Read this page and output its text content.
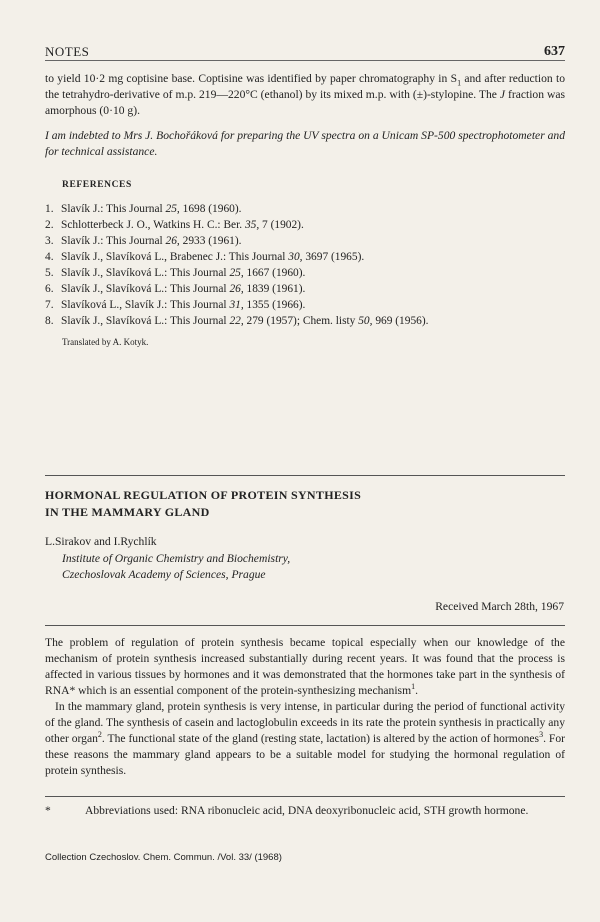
NOTES	637

to yield 10·2 mg coptisine base. Coptisine was identified by paper chromatography in $S_1$ and after reduction to the tetrahydro-derivative of m.p. 219—220°C (ethanol) by its mixed m.p. with (±)-stylopine. The J fraction was amorphous (0·10 g).

I am indebted to Mrs J. Bochořáková for preparing the UV spectra on a Unicam SP-500 spectrophotometer and for technical assistance.

REFERENCES
1. Slavík J.: This Journal 25, 1698 (1960).
2. Schlotterbeck J. O., Watkins H. C.: Ber. 35, 7 (1902).
3. Slavík J.: This Journal 26, 2933 (1961).
4. Slavík J., Slavíková L., Brabenec J.: This Journal 30, 3697 (1965).
5. Slavík J., Slavíková L.: This Journal 25, 1667 (1960).
6. Slavík J., Slavíková L.: This Journal 26, 1839 (1961).
7. Slavíková L., Slavík J.: This Journal 31, 1355 (1966).
8. Slavík J., Slavíková L.: This Journal 22, 279 (1957); Chem. listy 50, 969 (1956).
Translated by A. Kotyk.
HORMONAL REGULATION OF PROTEIN SYNTHESIS
IN THE MAMMARY GLAND
L.Sirakov and I.Rychlík
Institute of Organic Chemistry and Biochemistry,
Czechoslovak Academy of Sciences, Prague
Received March 28th, 1967

The problem of regulation of protein synthesis became topical especially when our knowledge of the mechanism of protein synthesis increased substantially during recent years. It was found that the process is affected in various tissues by hormones and it was demonstrated that the hormones take part in the synthesis of RNA* which is an essential component of the protein-synthesizing mechanism$^1$.

In the mammary gland, protein synthesis is very intense, in particular during the period of functional activity of the gland. The synthesis of casein and lactoglobulin exceeds in its rate the protein synthesis in practically any other organ$^2$. The functional state of the gland (resting state, lactation) is altered by the action of hormones$^3$. For these reasons the mammary gland appears to be a suitable model for studying the hormonal regulation of protein synthesis.

*	Abbreviations used: RNA ribonucleic acid, DNA deoxyribonucleic acid, STH growth hormone.
Collection Czechoslov. Chem. Commun. /Vol. 33/ (1968)
